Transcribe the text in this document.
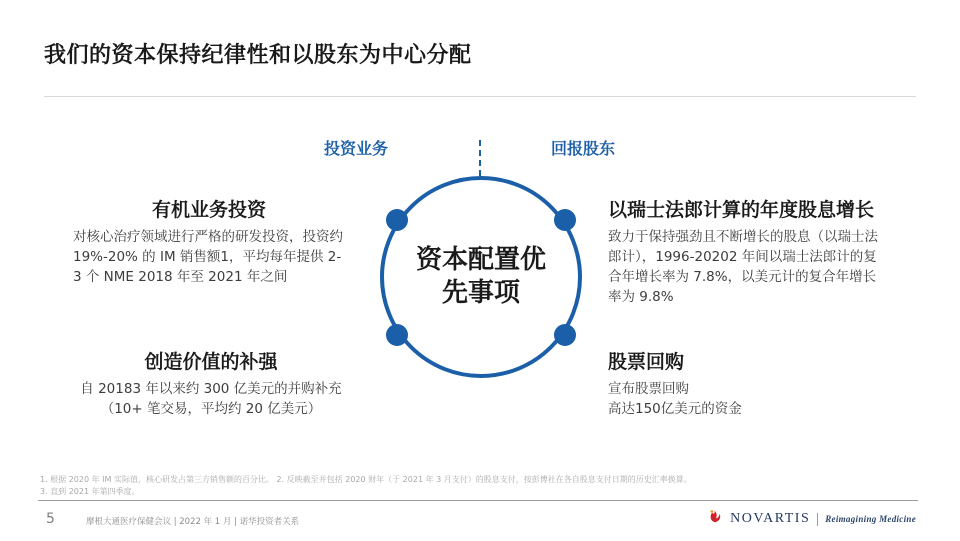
我们的资本保持纪律性和以股东为中心分配
投资业务	回报股东
资本配置优先事项
有机业务投资
对核心治疗领域进行严格的研发投资，投资约 19%-20% 的 IM 销售额1，平均每年提供 2-3 个 NME 2018 年至 2021 年之间
创造价值的补强
自 20183 年以来约 300 亿美元的并购补充
（10+ 笔交易，平均约 20 亿美元）
以瑞士法郎计算的年度股息增长
致力于保持强劲且不断增长的股息（以瑞士法郎计），1996-20202 年间以瑞士法郎计的复合年增长率为 7.8%，以美元计的复合年增长率为 9.8%
股票回购
宣布股票回购
高达150亿美元的资金
1. 根据 2020 年 IM 实际值，核心研发占第三方销售额的百分比。 2. 反映截至并包括 2020 财年（于 2021 年 3 月支付）的股息支付，按彭博社在各自股息支付日期的历史汇率换算。
3. 直到 2021 年第四季度。
5	摩根大通医疗保健会议 | 2022 年 1 月 | 诺华投资者关系	NOVARTIS Reimagining Medicine
